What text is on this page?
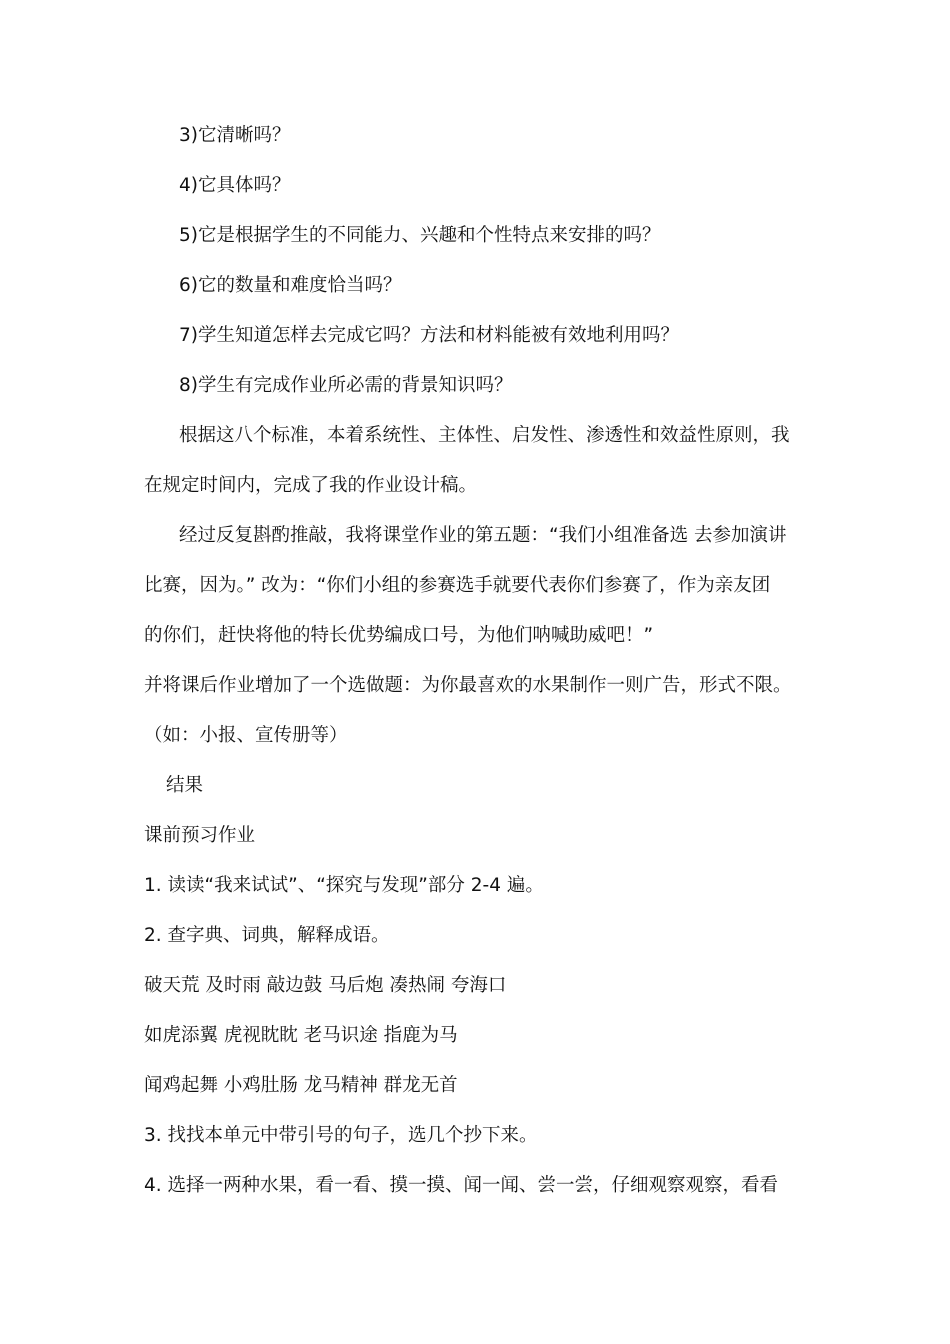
3)它清晰吗？
4)它具体吗？
5)它是根据学生的不同能力、兴趣和个性特点来安排的吗？
6)它的数量和难度恰当吗？
7)学生知道怎样去完成它吗？方法和材料能被有效地利用吗？
8)学生有完成作业所必需的背景知识吗？
根据这八个标准，本着系统性、主体性、启发性、渗透性和效益性原则，我
在规定时间内，完成了我的作业设计稿。
经过反复斟酌推敲，我将课堂作业的第五题：“我们小组准备选 去参加演讲
比赛，因为。” 改为：“你们小组的参赛选手就要代表你们参赛了，作为亲友团
的你们，赶快将他的特长优势编成口号，为他们呐喊助威吧！”
并将课后作业增加了一个选做题：为你最喜欢的水果制作一则广告，形式不限。
（如：小报、宣传册等）
结果
课前预习作业
1. 读读“我来试试”、“探究与发现”部分 2-4 遍。
2. 查字典、词典，解释成语。
破天荒 及时雨 敲边鼓 马后炮 凑热闹 夸海口
如虎添翼 虎视眈眈 老马识途 指鹿为马
闻鸡起舞 小鸡肚肠 龙马精神 群龙无首
3. 找找本单元中带引号的句子，选几个抄下来。
4. 选择一两种水果，看一看、摸一摸、闻一闻、尝一尝，仔细观察观察，看看
